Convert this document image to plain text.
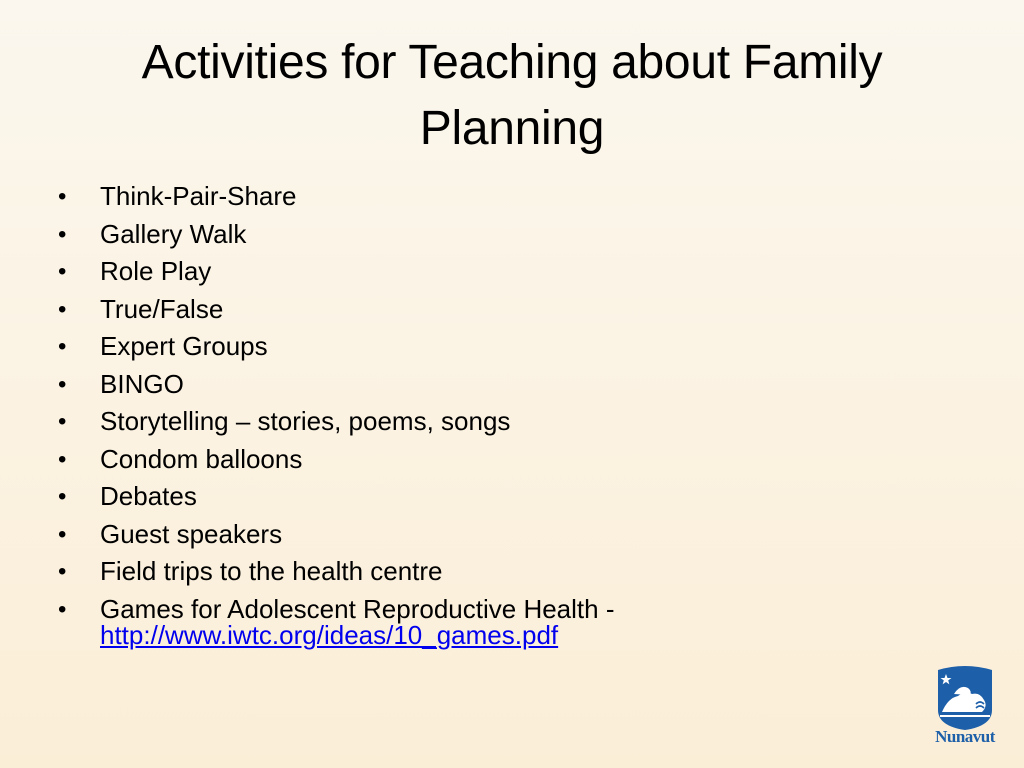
Activities for Teaching about Family Planning
•	Think-Pair-Share
•	Gallery Walk
•	Role Play
•	True/False
•	Expert Groups
•	BINGO
•	Storytelling – stories, poems, songs
•	Condom balloons
•	Debates
•	Guest speakers
•	Field trips to the health centre
•	Games for Adolescent Reproductive Health -
http://www.iwtc.org/ideas/10_games.pdf
Nunavut
